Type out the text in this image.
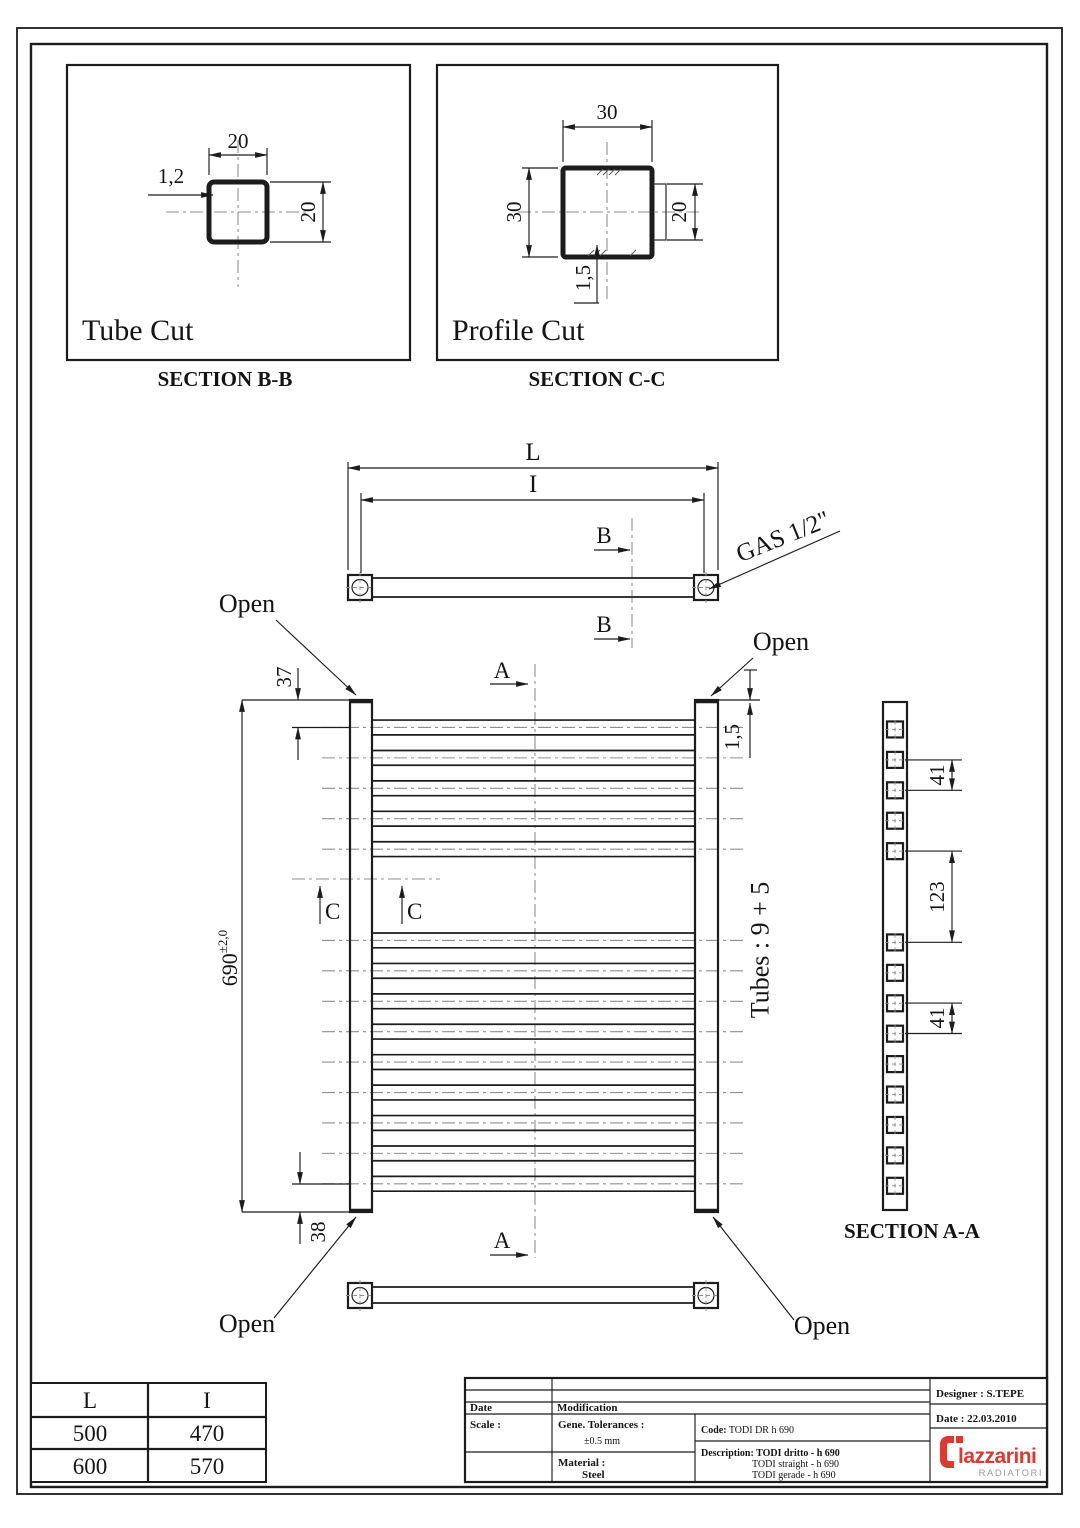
20
20
1,2
Tube Cut
SECTION B-B
30
30	20
1,5
Profile Cut
SECTION C-C
L
I
B
B
GAS 1/2"
Open
Open
Open	Open
A
A
C	C
37
$690^{\pm 2,0}$
38
1,5
Tubes : 9 + 5
41
123
41
SECTION A-A
L	I
500	470
600	570
Date	Modification
Scale :	Gene. Tolerances :
±0.5 mm
Material :
Steel
Code: TODI DR h 690
Description: TODI dritto - h 690
TODI straight - h 690
TODI gerade - h 690
Designer : S.TEPE
Date : 22.03.2010
lazzarini
RADIATORI
